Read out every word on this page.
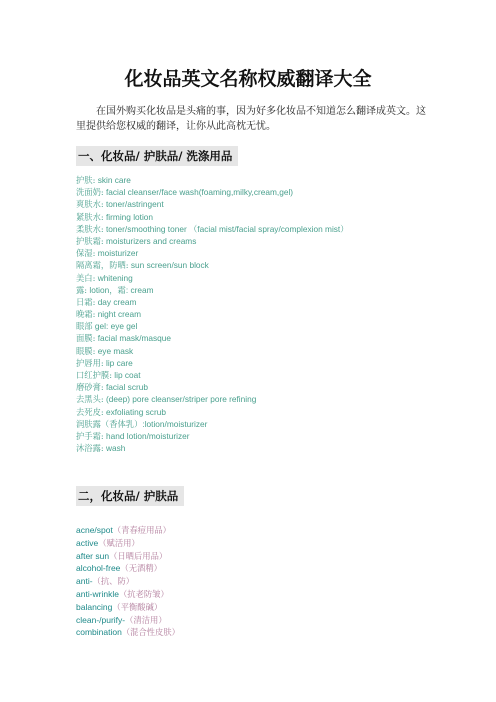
化妆品英文名称权威翻译大全
在国外购买化妆品是头痛的事，因为好多化妆品不知道怎么翻译成英文。这里提供给您权威的翻译，让你从此高枕无忧。
一、化妆品/ 护肤品/ 洗涤用品
护肤: skin care
洗面奶: facial cleanser/face wash(foaming,milky,cream,gel)
爽肤水: toner/astringent
紧肤水: firming lotion
柔肤水: toner/smoothing toner （facial mist/facial spray/complexion mist）
护肤霜: moisturizers and creams
保湿: moisturizer
隔离霜，防晒: sun screen/sun block
美白: whitening
露: lotion，霜: cream
日霜: day cream
晚霜: night cream
眼部 gel: eye gel
面膜: facial mask/masque
眼膜: eye mask
护唇用: lip care
口红护膜: lip coat
磨砂膏: facial scrub
去黑头: (deep) pore cleanser/striper pore refining
去死皮: exfoliating scrub
润肤露（香体乳）:lotion/moisturizer
护手霜: hand lotion/moisturizer
沐浴露: wash
二，化妆品/ 护肤品
acne/spot（青春痘用品）
active（赋活用）
after sun（日晒后用品）
alcohol-free（无酒精）
anti-（抗、防）
anti-wrinkle（抗老防皱）
balancing（平衡酸碱）
clean-/purify-（清洁用）
combination（混合性皮肤）
